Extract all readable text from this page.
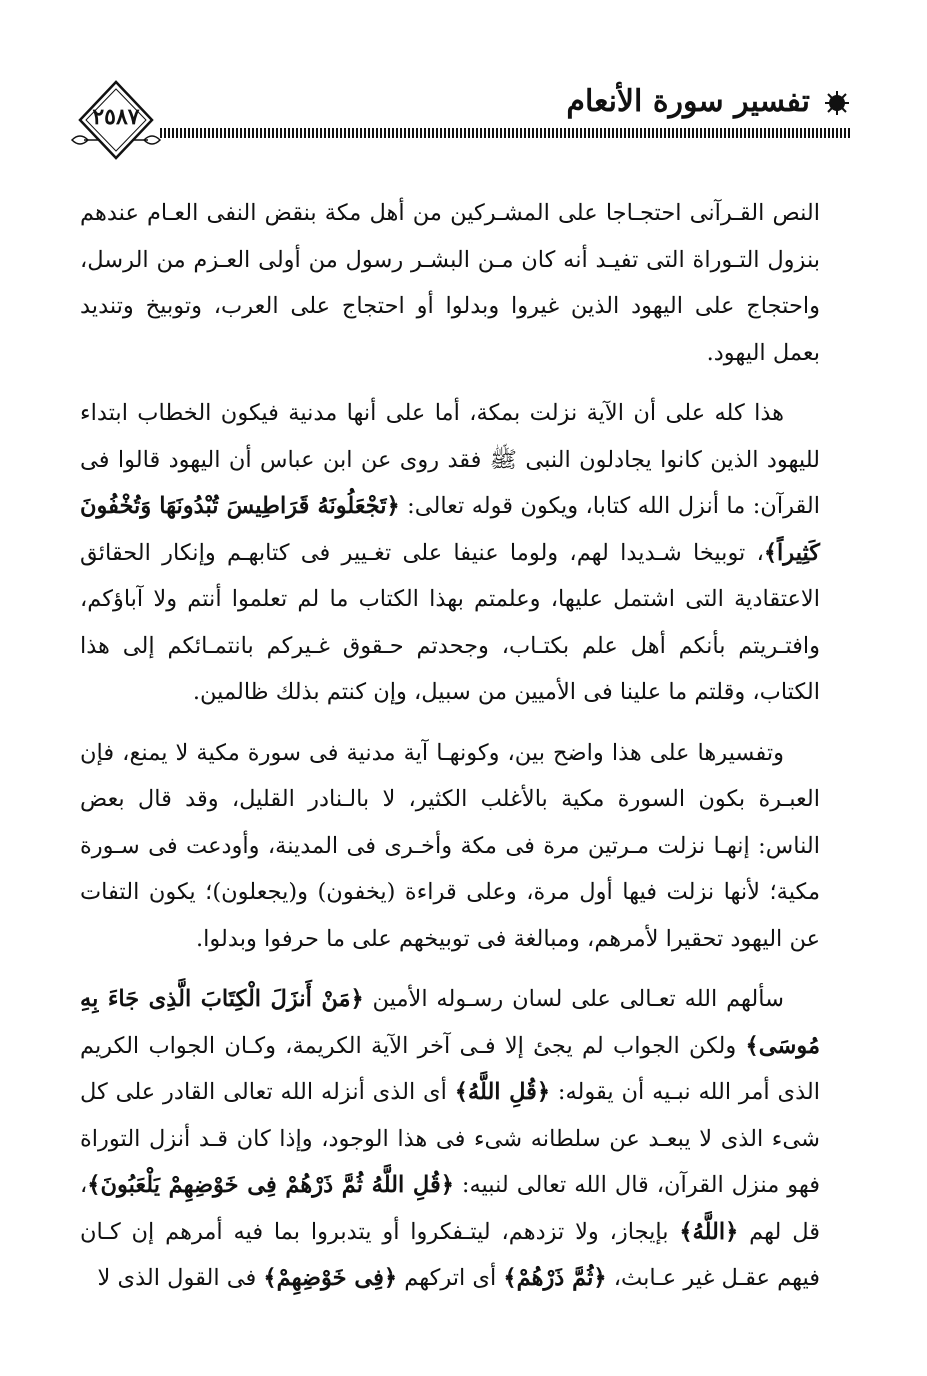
تفسير سورة الأنعام
٢٥٨٧

النص القـرآنى احتجـاجا على المشـركين من أهل مكة بنقض النفى العـام عندهم بنزول التـوراة التى تفيـد أنه كان مـن البشـر رسول من أولى العـزم من الرسل، واحتجاج على اليهود الذين غيروا وبدلوا أو احتجاج على العرب، وتوبيخ وتنديد بعمل اليهود.

هذا كله على أن الآية نزلت بمكة، أما على أنها مدنية فيكون الخطاب ابتداء لليهود الذين كانوا يجادلون النبى ﷺ فقد روى عن ابن عباس أن اليهود قالوا فى القرآن: ما أنزل الله كتابا، ويكون قوله تعالى: ﴿تَجْعَلُونَهُ قَرَاطِيسَ تُبْدُونَهَا وَتُخْفُونَ كَثِيراً﴾، توبيخا شـديدا لهم، ولوما عنيفا على تغـيير فى كتابهـم وإنكار الحقائق الاعتقادية التى اشتمل عليها، وعلمتم بهذا الكتاب ما لم تعلموا أنتم ولا آباؤكم، وافتـريتم بأنكم أهل علم بكتـاب، وجحدتم حـقوق غـيركم بانتمـائكم إلى هذا الكتاب، وقلتم ما علينا فى الأميين من سبيل، وإن كنتم بذلك ظالمين.

وتفسيرها على هذا واضح بين، وكونهـا آية مدنية فى سورة مكية لا يمنع، فإن العبـرة بكون السورة مكية بالأغلب الكثير، لا بالـنادر القليل، وقد قال بعض الناس: إنهـا نزلت مـرتين مرة فى مكة وأخـرى فى المدينة، وأودعت فى سـورة مكية؛ لأنها نزلت فيها أول مرة، وعلى قراءة (يخفون) و(يجعلون)؛ يكون التفات عن اليهود تحقيرا لأمرهم، ومبالغة فى توبيخهم على ما حرفوا وبدلوا.

سألهم الله تعـالى على لسان رسـوله الأمين ﴿مَنْ أَنزَلَ الْكِتَابَ الَّذِى جَاءَ بِهِ مُوسَى﴾ ولكن الجواب لم يجئ إلا فـى آخر الآية الكريمة، وكـان الجواب الكريم الذى أمر الله نبـيه أن يقوله: ﴿قُلِ اللَّهُ﴾ أى الذى أنزله الله تعالى القادر على كل شىء الذى لا يبعـد عن سلطانه شىء فى هذا الوجود، وإذا كان قـد أنزل التوراة فهو منزل القرآن، قال الله تعالى لنبيه: ﴿قُلِ اللَّهُ ثُمَّ ذَرْهُمْ فِى خَوْضِهِمْ يَلْعَبُونَ﴾، قل لهم ﴿اللَّهُ﴾ بإيجاز، ولا تزدهم، ليتـفكروا أو يتدبروا بما فيه أمرهم إن كـان فيهم عقـل غير عـابث، ﴿ثُمَّ ذَرْهُمْ﴾ أى اتركهم ﴿فِى خَوْضِهِمْ﴾ فى القول الذى لا
